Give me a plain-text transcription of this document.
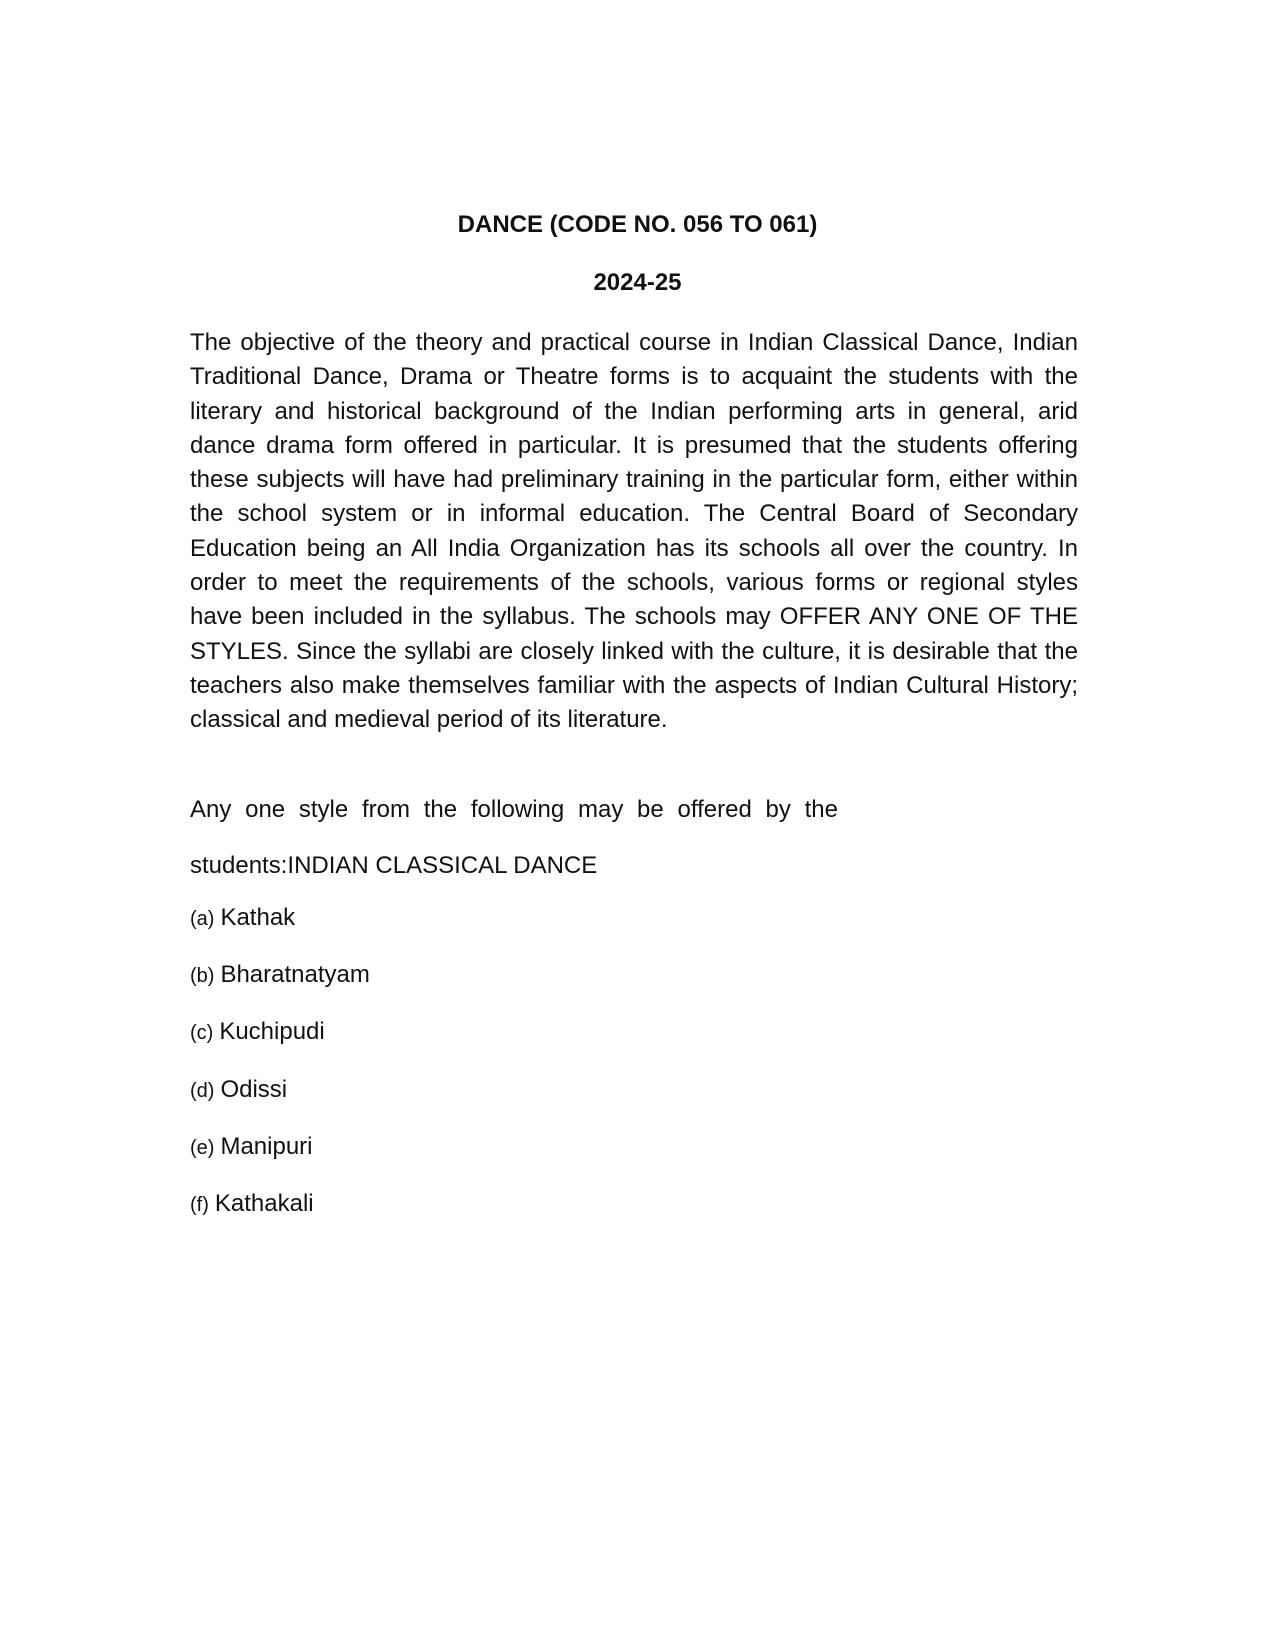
DANCE (CODE NO. 056 TO 061)
2024-25

The objective of the theory and practical course in Indian Classical Dance, Indian Traditional Dance, Drama or Theatre forms is to acquaint the students with the literary and historical background of the Indian performing arts in general, arid dance drama form offered in particular. It is presumed that the students offering these subjects will have had preliminary training in the particular form, either within the school system or in informal education. The Central Board of Secondary Education being an All India Organization has its schools all over the country. In order to meet the requirements of the schools, various forms or regional styles have been included in the syllabus. The schools may OFFER ANY ONE OF THE STYLES. Since the syllabi are closely linked with the culture, it is desirable that the teachers also make themselves familiar with the aspects of Indian Cultural History; classical and medieval period of its literature.

Any one style from the following may be offered by the

students:INDIAN CLASSICAL DANCE

(a) Kathak
(b) Bharatnatyam
(c) Kuchipudi
(d) Odissi
(e) Manipuri
(f) Kathakali
